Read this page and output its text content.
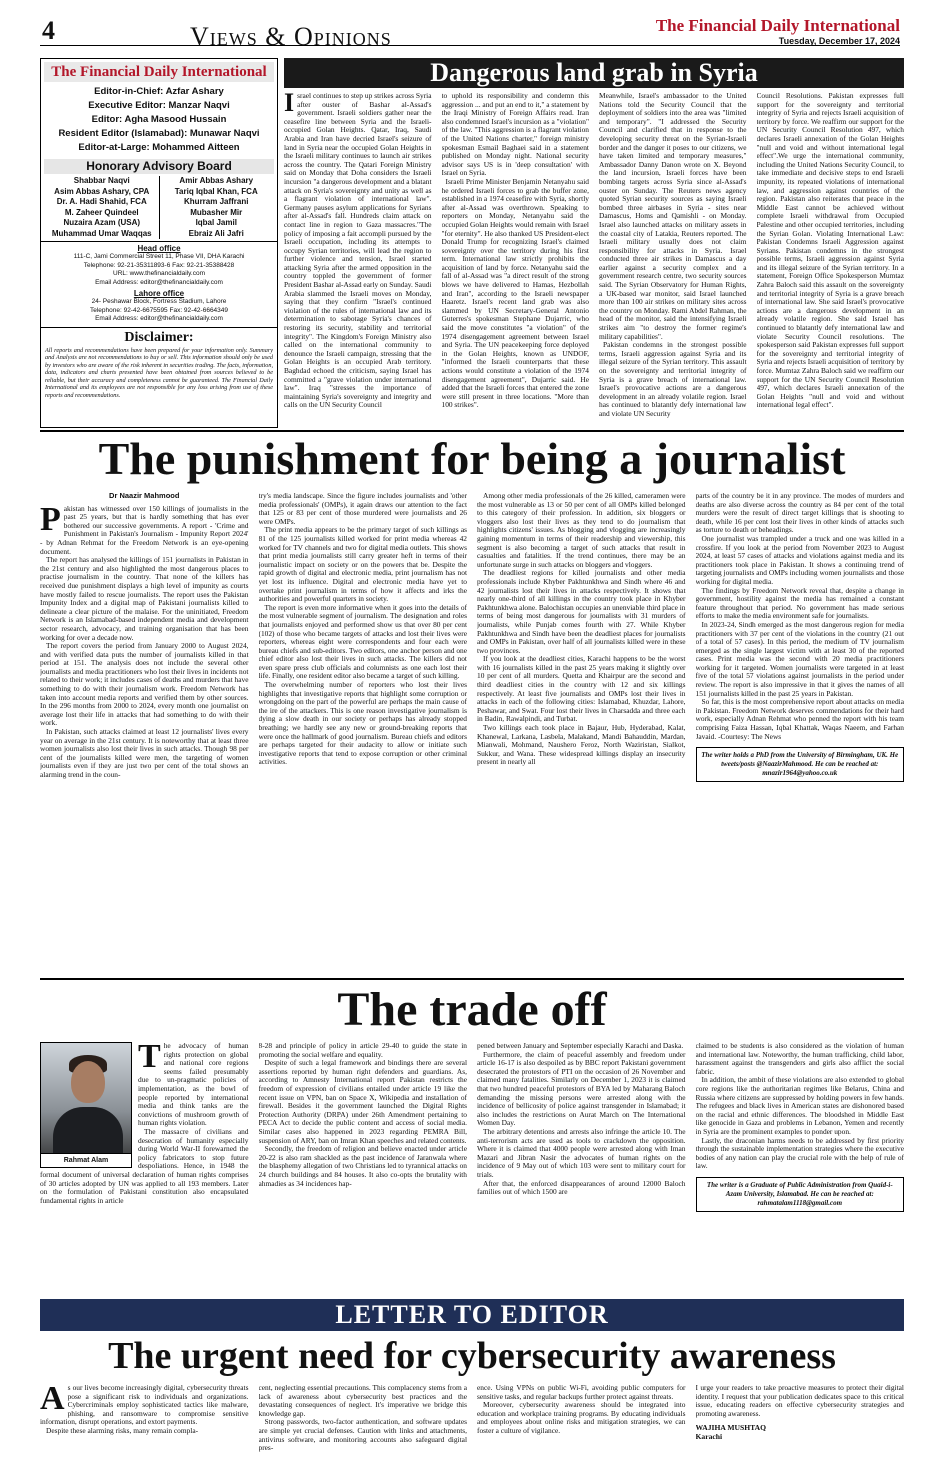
4	Views & Opinions	The Financial Daily International
Tuesday, December 17, 2024
The Financial Daily International
Editor-in-Chief: Azfar Ashary
Executive Editor: Manzar Naqvi
Editor: Agha Masood Hussain
Resident Editor (Islamabad): Munawar Naqvi
Editor-at-Large: Mohammed Aitteen
Honorary Advisory Board
Shabbar Naqvi
Asim Abbas Ashary, CPA
Dr. A. Hadi Shahid, FCA
M. Zaheer Quindeel
Nuzaira Azam (USA)
Muhammad Umar Waqqas
Amir Abbas Ashary
Tariq Iqbal Khan, FCA
Khurram Jaffrani
Mubasher Mir
Iqbal Jamil
Ebraiz Ali Jafri
Head office
111-C, Jami Commercial Street 11, Phase VII, DHA Karachi
Telephone: 92-21-35311893-6 Fax: 92-21-35388428
URL: www.thefinancialdaily.com
Email Address: editor@thefinancialdaily.com
Lahore office
24- Peshawar Block, Fortress Stadium, Lahore
Telephone: 92-42-6675595 Fax: 92-42-6664349
Email Address: editor@thefinancialdaily.com
Disclaimer:
All reports and recommendations have been prepared for your information only. Summary and Analysis are not recommendations to buy or sell. This information should only be used by investors who are aware of the risk inherent in securities trading. The facts, information, data, indicators and charts presented have been obtained from sources believed to be reliable, but their accuracy and completeness cannot be guaranteed. The Financial Daily International and its employees are not responsible for any loss arising from use of these reports and recommendations.
Dangerous land grab in Syria
I srael continues to step up strikes across Syria after ouster of Bashar al-Assad's government. Israeli soldiers gather near the ceasefire line between Syria and the Israeli-occupied Golan Heights. Qatar, Iraq, Saudi Arabia and Iran have decried Israel's seizure of land in Syria near the occupied Golan Heights in the Israeli military continues to launch air strikes across the country. The Qatari Foreign Ministry said on Monday that Doha considers the Israeli incursion "a dangerous development and a blatant attack on Syria's sovereignty and unity as well as a flagrant violation of international law". Germany pauses asylum applications for Syrians after al-Assad's fall. Hundreds claim attack on contact line in region to Gaza massacres."The policy of imposing a fait accompli pursued by the Israeli occupation, including its attempts to occupy Syrian territories, will lead the region to further violence and tension, Israel started attacking Syria after the armed opposition in the country toppled the government of former President Bashar al-Assad early on Sunday. Saudi Arabia slammed the Israeli moves on Monday, saying that they confirm "Israel's continued violation of the rules of international law and its determination to sabotage Syria's chances of restoring its security, stability and territorial integrity". The Kingdom's Foreign Ministry also called on the international community to denounce the Israeli campaign, stressing that the Golan Heights is an occupied Arab territory. Baghdad echoed the criticism, saying Israel has committed a "grave violation under international law". Iraq "stresses the importance of maintaining Syria's sovereignty and integrity and calls on the UN Security Council

to uphold its responsibility and condemn this aggression ... and put an end to it," a statement by the Iraqi Ministry of Foreign Affairs read. Iran also condemned Israel's incursion as a "violation" of the law. "This aggression is a flagrant violation of the United Nations charter," foreign ministry spokesman Esmail Baghaei said in a statement published on Monday night. National security advisor says US is in 'deep consultation' with Israel on Syria.

Israeli Prime Minister Benjamin Netanyahu said he ordered Israeli forces to grab the buffer zone, established in a 1974 ceasefire with Syria, shortly after al-Assad was overthrown. Speaking to reporters on Monday, Netanyahu said the occupied Golan Heights would remain with Israel "for eternity". He also thanked US President-elect Donald Trump for recognizing Israel's claimed sovereignty over the territory during his first term. International law strictly prohibits the acquisition of land by force. Netanyahu said the fall of al-Assad was "a direct result of the strong blows we have delivered to Hamas, Hezbollah and Iran", according to the Israeli newspaper Haaretz. Israel's recent land grab was also slammed by UN Secretary-General Antonio Guterres's spokesman Stephane Dujarric, who said the move constitutes "a violation" of the 1974 disengagement agreement between Israel and Syria. The UN peacekeeping force deployed in the Golan Heights, known as UNDOF, "informed the Israeli counterparts that these actions would constitute a violation of the 1974 disengagement agreement", Dujarric said. He added that the Israeli forces that entered the zone were still present in three locations. "More than 100 strikes".

Meanwhile, Israel's ambassador to the United Nations told the Security Council that the deployment of soldiers into the area was "limited and temporary". "I addressed the Security Council and clarified that in response to the developing security threat on the Syrian-Israeli border and the danger it poses to our citizens, we have taken limited and temporary measures," Ambassador Danny Danon wrote on X. Beyond the land incursion, Israeli forces have been bombing targets across Syria since al-Assad's ouster on Sunday. The Reuters news agency quoted Syrian security sources as saying Israeli bombed three airbases in Syria - sites near Damascus, Homs and Qamishli - on Monday. Israel also launched attacks on military assets in the coastal city of Latakia, Reuters reported. The Israeli military usually does not claim responsibility for attacks in Syria. Israel conducted three air strikes in Damascus a day earlier against a security complex and a government research centre, two security sources said. The Syrian Observatory for Human Rights, a UK-based war monitor, said Israel launched more than 100 air strikes on military sites across the country on Monday. Rami Abdel Rahman, the head of the monitor, said the intensifying Israeli strikes aim "to destroy the former regime's military capabilities".

Pakistan condemns in the strongest possible terms, Israeli aggression against Syria and its illegal seizure of the Syrian territory. This assault on the sovereignty and territorial integrity of Syria is a grave breach of international law. Israel's provocative actions are a dangerous development in an already volatile region. Israel has continued to blatantly defy international law and violate UN Security

Council Resolutions. Pakistan expresses full support for the sovereignty and territorial integrity of Syria and rejects Israeli acquisition of territory by force. We reaffirm our support for the UN Security Council Resolution 497, which declares Israeli annexation of the Golan Heights "null and void and without international legal effect".We urge the international community, including the United Nations Security Council, to take immediate and decisive steps to end Israeli impunity, its repeated violations of international law, and aggression against countries of the region. Pakistan also reiterates that peace in the Middle East cannot be achieved without complete Israeli withdrawal from Occupied Palestine and other occupied territories, including the Syrian Golan. Violating International Law: Pakistan Condemns Israeli Aggression against Syrians. Pakistan condemns in the strongest possible terms, Israeli aggression against Syria and its illegal seizure of the Syrian territory. In a statement, Foreign Office Spokesperson Mumtaz Zahra Baloch said this assault on the sovereignty and territorial integrity of Syria is a grave breach of international law. She said Israel's provocative actions are a dangerous development in an already volatile region. She said Israel has continued to blatantly defy international law and violate Security Council resolutions. The spokesperson said Pakistan expresses full support for the sovereignty and territorial integrity of Syria and rejects Israeli acquisition of territory by force. Mumtaz Zahra Baloch said we reaffirm our support for the UN Security Council Resolution 497, which declares Israeli annexation of the Golan Heights "null and void and without international legal effect".

The punishment for being a journalist
Dr Naazir Mahmood
P akistan has witnessed over 150 killings of journalists in the past 25 years, but that is hardly something that has ever bothered our successive governments. A report - 'Crime and Punishment in Pakistan's Journalism - Impunity Report 2024' - by Adnan Rehmat for the Freedom Network is an eye-opening document.

The report has analysed the killings of 151 journalists in Pakistan in the 21st century and also highlighted the most dangerous places to practise journalism in the country. That none of the killers has received due punishment displays a high level of impunity as courts have mostly failed to rescue journalists. The report uses the Pakistan Impunity Index and a digital map of Pakistani journalists killed to delineate a clear picture of the malaise. For the uninitiated, Freedom Network is an Islamabad-based independent media and development sector research, advocacy, and training organisation that has been working for over a decade now.

The report covers the period from January 2000 to August 2024, and with verified data puts the number of journalists killed in that period at 151. The analysis does not include the several other journalists and media practitioners who lost their lives in incidents not related to their work; it includes cases of deaths and murders that have something to do with their journalism work. Freedom Network has taken into account media reports and verified them by other sources. In the 296 months from 2000 to 2024, every month one journalist on average lost their life in attacks that had something to do with their work.

In Pakistan, such attacks claimed at least 12 journalists' lives every year on average in the 21st century. It is noteworthy that at least three women journalists also lost their lives in such attacks. Though 98 per cent of the journalists killed were men, the targeting of women journalists even if they are just two per cent of the total shows an alarming trend in the coun-

try's media landscape. Since the figure includes journalists and 'other media professionals' (OMPs), it again draws our attention to the fact that 125 or 83 per cent of those murdered were journalists and 26 were OMPs.

The print media appears to be the primary target of such killings as 81 of the 125 journalists killed worked for print media whereas 42 worked for TV channels and two for digital media outlets. This shows that print media journalists still carry greater heft in terms of their journalistic impact on society or on the powers that be. Despite the rapid growth of digital and electronic media, print journalism has not yet lost its influence. Digital and electronic media have yet to overtake print journalism in terms of how it affects and irks the authorities and powerful quarters in society.

The report is even more informative when it goes into the details of the most vulnerable segment of journalism. The designation and roles that journalists enjoyed and performed show us that over 80 per cent (102) of those who became targets of attacks and lost their lives were reporters, whereas eight were correspondents and four each were bureau chiefs and sub-editors. Two editors, one anchor person and one chief editor also lost their lives in such attacks. The killers did not even spare press club officials and columnists as one each lost their life. Finally, one resident editor also became a target of such killing.

The overwhelming number of reporters who lost their lives highlights that investigative reports that highlight some corruption or wrongdoing on the part of the powerful are perhaps the main cause of the ire of the attackers. This is one reason investigative journalism is dying a slow death in our society or perhaps has already stopped breathing; we hardly see any new or ground-breaking reports that were once the hallmark of good journalism. Bureau chiefs and editors are perhaps targeted for their audacity to allow or initiate such investigative reports that tend to expose corruption or other criminal activities.

Among other media professionals of the 26 killed, cameramen were the most vulnerable as 13 or 50 per cent of all OMPs killed belonged to this category of their profession. In addition, six bloggers or vloggers also lost their lives as they tend to do journalism that highlights citizens' issues. As blogging and vlogging are increasingly gaining momentum in terms of their readership and viewership, this segment is also becoming a target of such attacks that result in casualties and fatalities. If the trend continues, there may be an unfortunate surge in such attacks on bloggers and vloggers.

The deadliest regions for killed journalists and other media professionals include Khyber Pakhtunkhwa and Sindh where 46 and 42 journalists lost their lives in attacks respectively. It shows that nearly one-third of all killings in the country took place in Khyber Pakhtunkhwa alone. Balochistan occupies an unenviable third place in terms of being most dangerous for journalists with 31 murders of journalists, while Punjab comes fourth with 27. While Khyber Pakhtunkhwa and Sindh have been the deadliest places for journalists and OMPs in Pakistan, over half of all journalists killed were in these two provinces.

If you look at the deadliest cities, Karachi happens to be the worst with 16 journalists killed in the past 25 years making it slightly over 10 per cent of all murders. Quetta and Khairpur are the second and third deadliest cities in the country with 12 and six killings respectively. At least five journalists and OMPs lost their lives in attacks in each of the following cities: Islamabad, Khuzdar, Lahore, Peshawar, and Swat. Four lost their lives in Charsadda and three each in Badin, Rawalpindi, and Turbat.

Two killings each took place in Bajaur, Hub, Hyderabad, Kalat, Khanewal, Larkana, Lasbela, Malakand, Mandi Bahauddin, Mardan, Mianwali, Mohmand, Naushero Feroz, North Waziristan, Sialkot, Sukkur, and Wana. These widespread killings display an insecurity present in nearly all

parts of the country be it in any province. The modes of murders and deaths are also diverse across the country as 84 per cent of the total murders were the result of direct target killings that is shooting to death, while 16 per cent lost their lives in other kinds of attacks such as torture to death or beheadings.

One journalist was trampled under a truck and one was killed in a crossfire. If you look at the period from November 2023 to August 2024, at least 57 cases of attacks and violations against media and its practitioners took place in Pakistan. It shows a continuing trend of targeting journalists and OMPs including women journalists and those working for digital media.

The findings by Freedom Network reveal that, despite a change in government, hostility against the media has remained a constant feature throughout that period. No government has made serious efforts to make the media environment safe for journalists.

In 2023-24, Sindh emerged as the most dangerous region for media practitioners with 37 per cent of the violations in the country (21 out of a total of 57 cases). In this period, the medium of TV journalism emerged as the single largest victim with at least 30 of the reported cases. Print media was the second with 20 media practitioners working for it targeted. Women journalists were targeted in at least five of the total 57 violations against journalists in the period under review. The report is also impressive in that it gives the names of all 151 journalists killed in the past 25 years in Pakistan.

So far, this is the most comprehensive report about attacks on media in Pakistan. Freedom Network deserves commendations for their hard work, especially Adnan Rehmat who penned the report with his team comprising Faiza Hassan, Iqbal Khattak, Waqas Naeem, and Farhan Javaid. -Courtesy: The News

The writer holds a PhD from the University of Birmingham, UK. He tweets/posts @NaazirMahmood. He can be reached at: mnazir1964@yahoo.co.uk
The trade off
Rahmat Alam
T he advocacy of human rights protection on global and national core regions seems failed presumably due to un-pragmatic policies of implementation, as the bowl of people reported by international media and think tanks are the convictions of mushroom growth of human rights violation.

The massacre of civilians and desecration of humanity especially during World War-II forewarned the policy fabricators to stop future despoliations. Hence, in 1948 the formal document of universal declaration of human rights comprises of 30 articles adopted by UN was applied to all 193 members. Later on the formulation of Pakistani constitution also encapsulated fundamental rights in article

8-28 and principle of policy in article 29-40 to guide the state in promoting the social welfare and equality.

Despite of such a legal framework and bindings there are several assertions reported by human right defenders and guardians. As, according to Amnesty International report Pakistan restricts the freedom of expression of civilians entailed under article 19 like the recent issue on VPN, ban on Space X, Wikipedia and installation of firewall. Besides it the government launched the Digital Rights Protection Authority (DRPA) under 26th Amendment pertaining to PECA Act to decide the public content and access of social media. Similar cases also happened in 2023 regarding PEMRA Bill, suspension of ARY, ban on Imran Khan speeches and related contents.

Secondly, the freedom of religion and believe enacted under article 20-22 is also ram shackled as the past incidence of Jaranwala where the blasphemy allegation of two Christians led to tyrannical attacks on 24 church buildings and 84 houses. It also co-opts the brutality with ahmadies as 34 incidences hap-

pened between January and September especially Karachi and Daska.

Furthermore, the claim of peaceful assembly and freedom under article 16-17 is also despoiled as by BBC report Pakistani government desecrated the protestors of PTI on the occasion of 26 November and claimed many fatalities. Similarly on December 1, 2023 it is claimed that two hundred peaceful protestors of BYA led by Maharang Baloch demanding the missing persons were arrested along with the incidence of bellicosity of police against transgender in Islamabad; it also includes the restrictions on Aurat March on The International Women Day.

The arbitrary detentions and arrests also infringe the article 10. The anti-terrorism acts are used as tools to crackdown the opposition. Where it is claimed that 4000 people were arrested along with Iman Mazari and Jibran Nasir the advocates of human rights on the incidence of 9 May out of which 103 were sent to military court for trials.

After that, the enforced disappearances of around 12000 Baloch families out of which 1500 are

claimed to be students is also considered as the violation of human and international law. Noteworthy, the human trafficking, child labor, harassment against the transgenders and girls also afflict the social fabric.

In addition, the ambit of these violations are also extended to global core regions like the authoritarian regimes like Belarus, China and Russia where citizens are suppressed by holding powers in few hands. The refugees and black lives in American states are dishonored based on the racial and ethnic differences. The bloodshed in Middle East like genocide in Gaza and problems in Lebanon, Yemen and recently in Syria are the prominent examples to ponder upon.

Lastly, the draconian harms needs to be addressed by first priority through the sustainable implementation strategies where the executive bodies of any nation can play the crucial role with the help of rule of law.

The writer is a Graduate of Public Administration from Quaid-i-Azam University, Islamabad. He can be reached at: rahmatalam1118@gmail.com
LETTER TO EDITOR
The urgent need for cybersecurity awareness
A s our lives become increasingly digital, cybersecurity threats pose a significant risk to individuals and organizations. Cybercriminals employ sophisticated tactics like malware, phishing, and ransomware to compromise sensitive information, disrupt operations, and extort payments.

Despite these alarming risks, many remain compla-

cent, neglecting essential precautions. This complacency stems from a lack of awareness about cybersecurity best practices and the devastating consequences of neglect. It's imperative we bridge this knowledge gap.

Strong passwords, two-factor authentication, and software updates are simple yet crucial defenses. Caution with links and attachments, antivirus software, and monitoring accounts also safeguard digital pres-

ence. Using VPNs on public Wi-Fi, avoiding public computers for sensitive tasks, and regular backups further protect against threats.

Moreover, cybersecurity awareness should be integrated into education and workplace training programs. By educating individuals and employees about online risks and mitigation strategies, we can foster a culture of vigilance.

I urge your readers to take proactive measures to protect their digital identity. I request that your publication dedicates space to this critical issue, educating readers on effective cybersecurity strategies and promoting awareness.

WAJIHA MUSHTAQ
Karachi
